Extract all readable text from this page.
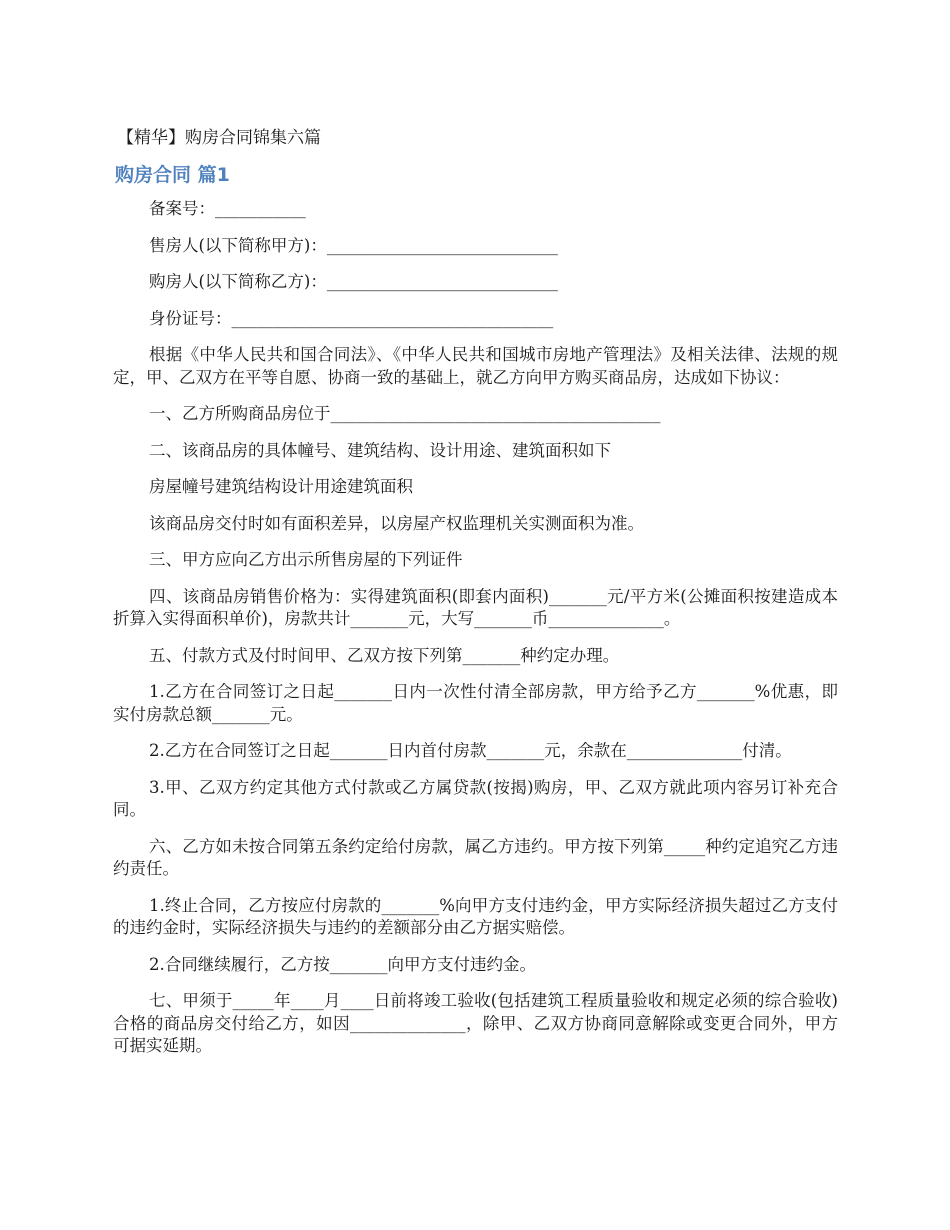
【精华】购房合同锦集六篇
购房合同 篇1

备案号：___________

售房人(以下简称甲方)：____________________________

购房人(以下简称乙方)：____________________________

身份证号：_______________________________________

根据《中华人民共和国合同法》、《中华人民共和国城市房地产管理法》及相关法律、法规的规定，甲、乙双方在平等自愿、协商一致的基础上，就乙方向甲方购买商品房，达成如下协议：

一、乙方所购商品房位于________________________________________

二、该商品房的具体幢号、建筑结构、设计用途、建筑面积如下

房屋幢号建筑结构设计用途建筑面积

该商品房交付时如有面积差异，以房屋产权监理机关实测面积为准。

三、甲方应向乙方出示所售房屋的下列证件

四、该商品房销售价格为：实得建筑面积(即套内面积)_______元/平方米(公摊面积按建造成本折算入实得面积单价)，房款共计_______元，大写_______币______________。

五、付款方式及付时间甲、乙双方按下列第_______种约定办理。

1.乙方在合同签订之日起_______日内一次性付清全部房款，甲方给予乙方_______%优惠，即实付房款总额_______元。

2.乙方在合同签订之日起_______日内首付房款_______元，余款在______________付清。

3.甲、乙双方约定其他方式付款或乙方属贷款(按揭)购房，甲、乙双方就此项内容另订补充合同。

六、乙方如未按合同第五条约定给付房款，属乙方违约。甲方按下列第_____种约定追究乙方违约责任。

1.终止合同，乙方按应付房款的_______%向甲方支付违约金，甲方实际经济损失超过乙方支付的违约金时，实际经济损失与违约的差额部分由乙方据实赔偿。

2.合同继续履行，乙方按_______向甲方支付违约金。

七、甲须于_____年____月____日前将竣工验收(包括建筑工程质量验收和规定必须的综合验收)合格的商品房交付给乙方，如因______________，除甲、乙双方协商同意解除或变更合同外，甲方可据实延期。
